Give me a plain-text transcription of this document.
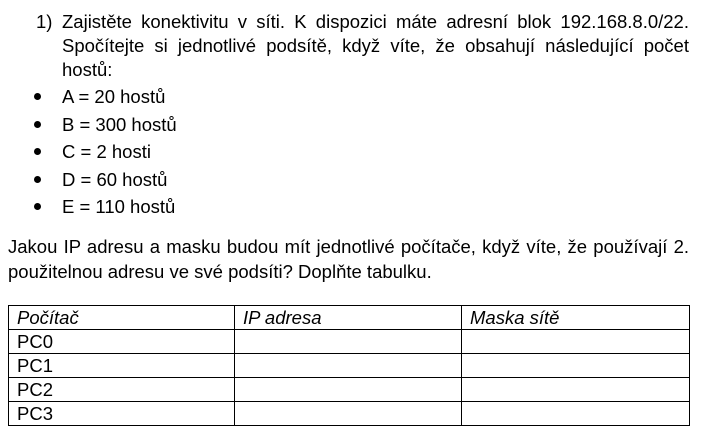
1) Zajistěte konektivitu v síti. K dispozici máte adresní blok 192.168.8.0/22. Spočítejte si jednotlivé podsítě, když víte, že obsahují následující počet hostů:
A = 20 hostů
B = 300 hostů
C = 2 hosti
D = 60 hostů
E = 110 hostů
Jakou IP adresu a masku budou mít jednotlivé počítače, když víte, že používají 2. použitelnou adresu ve své podsíti? Doplňte tabulku.
Počítač	IP adresa	Maska sítě
PC0		
PC1		
PC2		
PC3		
